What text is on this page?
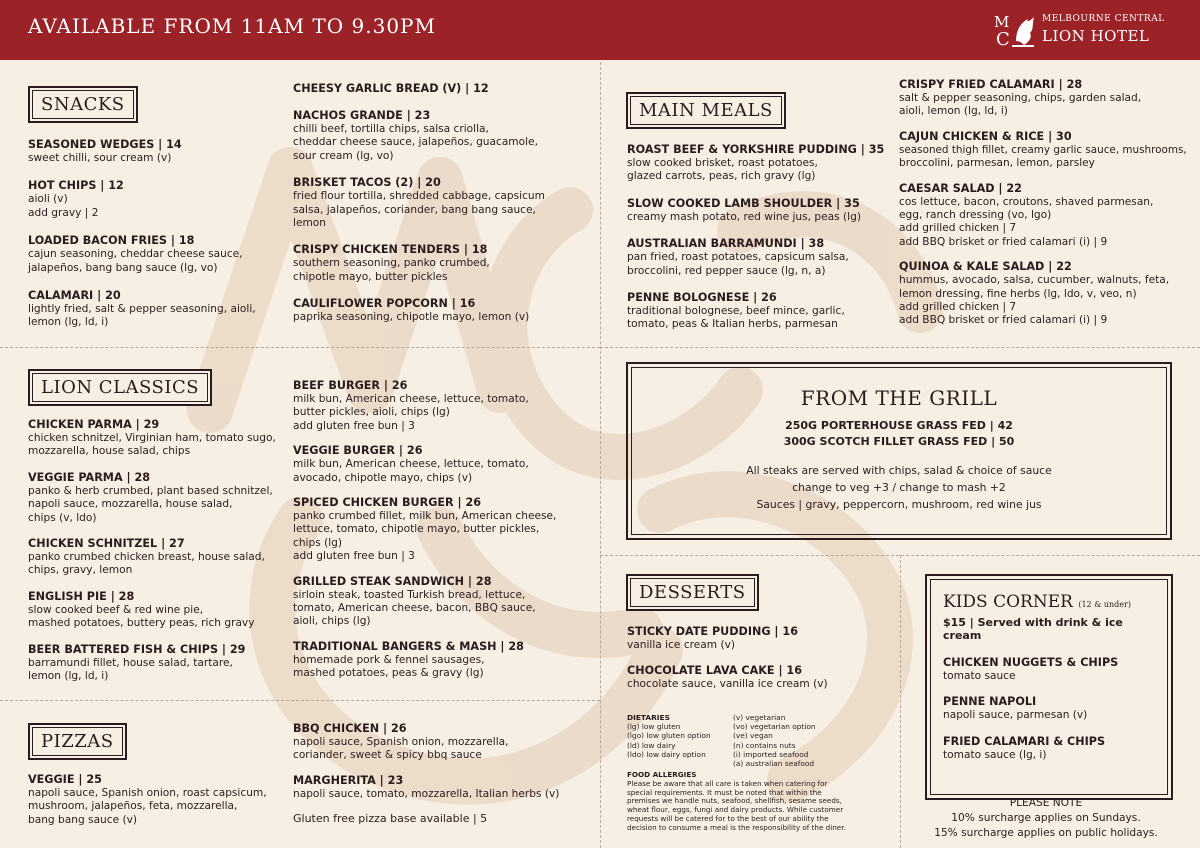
AVAILABLE FROM 11AM TO 9.30PM	M
C
MELBOURNE CENTRAL
LION HOTEL
SNACKS
SEASONED WEDGES | 14
sweet chilli, sour cream (v)
HOT CHIPS | 12
aioli (v)
add gravy | 2
LOADED BACON FRIES | 18
cajun seasoning, cheddar cheese sauce,
jalapeños, bang bang sauce (lg, vo)
CALAMARI | 20
lightly fried, salt & pepper seasoning, aioli,
lemon (lg, ld, i)
CHEESY GARLIC BREAD (V) | 12
NACHOS GRANDE | 23
chilli beef, tortilla chips, salsa criolla,
cheddar cheese sauce, jalapeños, guacamole,
sour cream (lg, vo)
BRISKET TACOS (2) | 20
fried flour tortilla, shredded cabbage, capsicum
salsa, jalapeños, coriander, bang bang sauce,
lemon
CRISPY CHICKEN TENDERS | 18
southern seasoning, panko crumbed,
chipotle mayo, butter pickles
CAULIFLOWER POPCORN | 16
paprika seasoning, chipotle mayo, lemon (v)
LION CLASSICS
CHICKEN PARMA | 29
chicken schnitzel, Virginian ham, tomato sugo,
mozzarella, house salad, chips
VEGGIE PARMA | 28
panko & herb crumbed, plant based schnitzel,
napoli sauce, mozzarella, house salad,
chips (v, ldo)
CHICKEN SCHNITZEL | 27
panko crumbed chicken breast, house salad,
chips, gravy, lemon
ENGLISH PIE | 28
slow cooked beef & red wine pie,
mashed potatoes, buttery peas, rich gravy
BEER BATTERED FISH & CHIPS | 29
barramundi fillet, house salad, tartare,
lemon (lg, ld, i)
BEEF BURGER | 26
milk bun, American cheese, lettuce, tomato,
butter pickles, aioli, chips (lg)
add gluten free bun | 3
VEGGIE BURGER | 26
milk bun, American cheese, lettuce, tomato,
avocado, chipotle mayo, chips (v)
SPICED CHICKEN BURGER | 26
panko crumbed fillet, milk bun, American cheese,
lettuce, tomato, chipotle mayo, butter pickles,
chips (lg)
add gluten free bun | 3
GRILLED STEAK SANDWICH | 28
sirloin steak, toasted Turkish bread, lettuce,
tomato, American cheese, bacon, BBQ sauce,
aioli, chips (lg)
TRADITIONAL BANGERS & MASH | 28
homemade pork & fennel sausages,
mashed potatoes, peas & gravy (lg)
PIZZAS
VEGGIE | 25
napoli sauce, Spanish onion, roast capsicum,
mushroom, jalapeños, feta, mozzarella,
bang bang sauce (v)
BBQ CHICKEN | 26
napoli sauce, Spanish onion, mozzarella,
coriander, sweet & spicy bbq sauce
MARGHERITA | 23
napoli sauce, tomato, mozzarella, Italian herbs (v)
Gluten free pizza base available | 5
MAIN MEALS
ROAST BEEF & YORKSHIRE PUDDING | 35
slow cooked brisket, roast potatoes,
glazed carrots, peas, rich gravy (lg)
SLOW COOKED LAMB SHOULDER | 35
creamy mash potato, red wine jus, peas (lg)
AUSTRALIAN BARRAMUNDI | 38
pan fried, roast potatoes, capsicum salsa,
broccolini, red pepper sauce (lg, n, a)
PENNE BOLOGNESE | 26
traditional bolognese, beef mince, garlic,
tomato, peas & Italian herbs, parmesan
CRISPY FRIED CALAMARI | 28
salt & pepper seasoning, chips, garden salad,
aioli, lemon (lg, ld, i)
CAJUN CHICKEN & RICE | 30
seasoned thigh fillet, creamy garlic sauce, mushrooms,
broccolini, parmesan, lemon, parsley
CAESAR SALAD | 22
cos lettuce, bacon, croutons, shaved parmesan,
egg, ranch dressing (vo, lgo)
add grilled chicken | 7
add BBQ brisket or fried calamari (i) | 9
QUINOA & KALE SALAD | 22
hummus, avocado, salsa, cucumber, walnuts, feta,
lemon dressing, fine herbs (lg, ldo, v, veo, n)
add grilled chicken | 7
add BBQ brisket or fried calamari (i) | 9
FROM THE GRILL
250G PORTERHOUSE GRASS FED | 42
300G SCOTCH FILLET GRASS FED | 50
All steaks are served with chips, salad & choice of sauce
change to veg +3 / change to mash +2
Sauces | gravy, peppercorn, mushroom, red wine jus
DESSERTS
STICKY DATE PUDDING | 16
vanilla ice cream (v)
CHOCOLATE LAVA CAKE | 16
chocolate sauce, vanilla ice cream (v)
DIETARIES
(lg) low gluten
(lgo) low gluten option
(ld) low dairy
(ldo) low dairy option
(v) vegetarian
(vo) vegetarian option
(ve) vegan
(n) contains nuts
(i) imported seafood
(a) australian seafood
FOOD ALLERGIES
Please be aware that all care is taken when catering for
special requirements. It must be noted that within the
premises we handle nuts, seafood, shellfish, sesame seeds,
wheat flour, eggs, fungi and dairy products. While customer
requests will be catered for to the best of our ability the
decision to consume a meal is the responsibility of the diner.
KIDS CORNER (12 & under)
$15 | Served with drink & ice cream
CHICKEN NUGGETS & CHIPS
tomato sauce
PENNE NAPOLI
napoli sauce, parmesan (v)
FRIED CALAMARI & CHIPS
tomato sauce (lg, i)
PLEASE NOTE
10% surcharge applies on Sundays.
15% surcharge applies on public holidays.
